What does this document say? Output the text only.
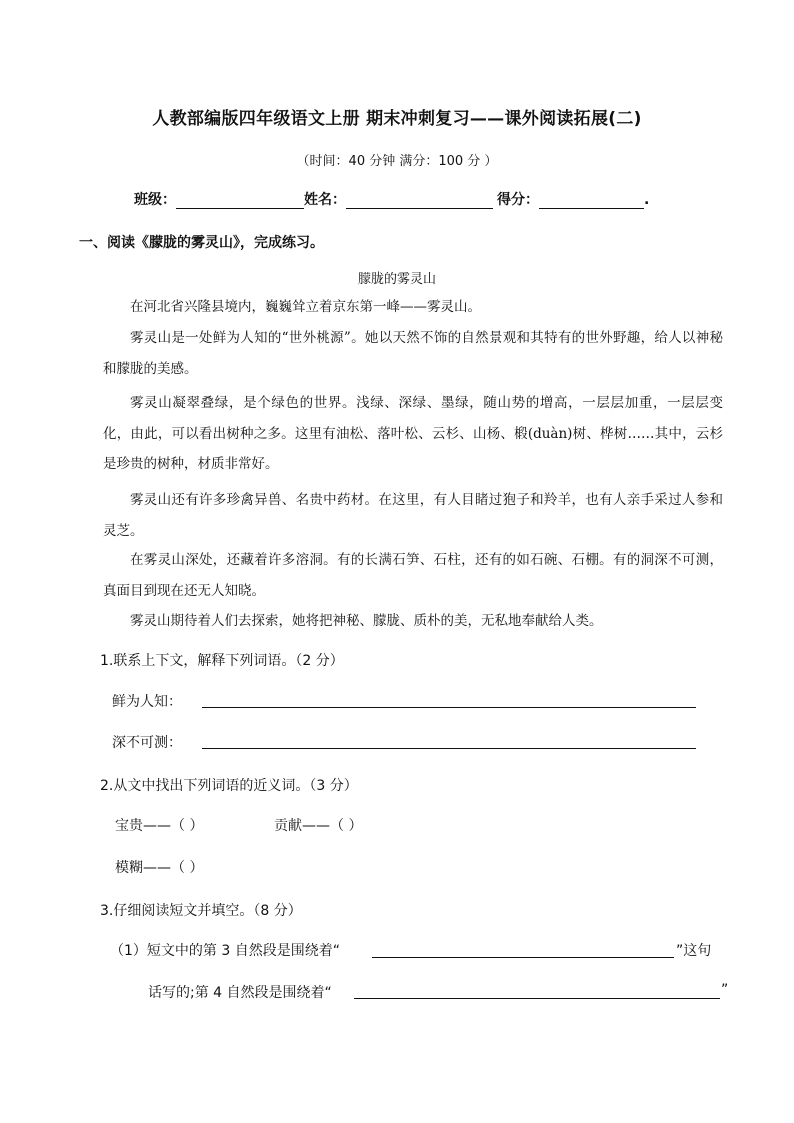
人教部编版四年级语文上册 期末冲刺复习——课外阅读拓展(二)
（时间：40 分钟 满分：100 分 ）
班级：	姓名：	得分：	.
一、阅读《朦胧的雾灵山》，完成练习。
朦胧的雾灵山
在河北省兴隆县境内，巍巍耸立着京东第一峰——雾灵山。
雾灵山是一处鲜为人知的“世外桃源”。她以天然不饰的自然景观和其特有的世外野趣，给人以神秘和朦胧的美感。
雾灵山凝翠叠绿，是个绿色的世界。浅绿、深绿、墨绿，随山势的增高，一层层加重，一层层变化，由此，可以看出树种之多。这里有油松、落叶松、云杉、山杨、椴(duàn)树、桦树……其中，云杉是珍贵的树种，材质非常好。
雾灵山还有许多珍禽异兽、名贵中药材。在这里，有人目睹过狍子和羚羊，也有人亲手采过人参和灵芝。
在雾灵山深处，还藏着许多溶洞。有的长满石笋、石柱，还有的如石碗、石棚。有的洞深不可测，真面目到现在还无人知晓。
雾灵山期待着人们去探索，她将把神秘、朦胧、质朴的美，无私地奉献给人类。
1.联系上下文，解释下列词语。（2 分）
鲜为人知：
深不可测：
2.从文中找出下列词语的近义词。（3 分）
宝贵——（ ）	贡献——（ ）
模糊——（ ）
3.仔细阅读短文并填空。（8 分）
（1）短文中的第 3 自然段是围绕着“	”这句
话写的;第 4 自然段是围绕着“	”
